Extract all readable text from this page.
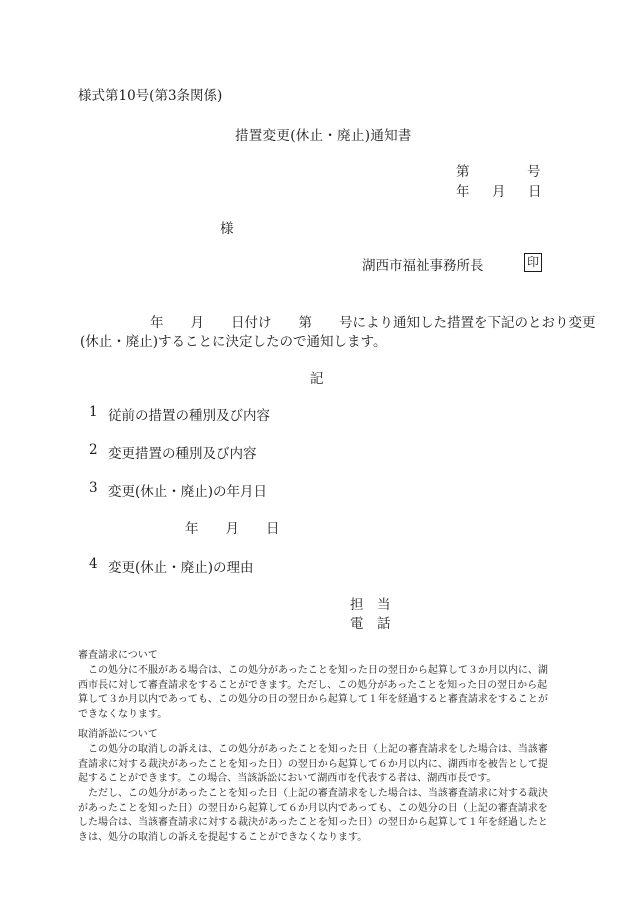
様式第10号(第3条関係)
措置変更(休止・廃止)通知書
第	号
年 月 日
様
湖西市福祉事務所長	印
年　　月　　日付け　　第　　号により通知した措置を下記のとおり変更
(休止・廃止)することに決定したので通知します。
記
1 従前の措置の種別及び内容
2 変更措置の種別及び内容
3 変更(休止・廃止)の年月日
年　　月　　日
4 変更(休止・廃止)の理由
担　当
電　話
審査請求について
　この処分に不服がある場合は、この処分があったことを知った日の翌日から起算して３か月以内に、湖西市長に対して審査請求をすることができます。ただし、この処分があったことを知った日の翌日から起算して３か月以内であっても、この処分の日の翌日から起算して１年を経過すると審査請求をすることができなくなります。
取消訴訟について
　この処分の取消しの訴えは、この処分があったことを知った日（上記の審査請求をした場合は、当該審査請求に対する裁決があったことを知った日）の翌日から起算して６か月以内に、湖西市を被告として提起することができます。この場合、当該訴訟において湖西市を代表する者は、湖西市長です。
　ただし、この処分があったことを知った日（上記の審査請求をした場合は、当該審査請求に対する裁決があったことを知った日）の翌日から起算して６か月以内であっても、この処分の日（上記の審査請求をした場合は、当該審査請求に対する裁決があったことを知った日）の翌日から起算して１年を経過したときは、処分の取消しの訴えを提起することができなくなります。
